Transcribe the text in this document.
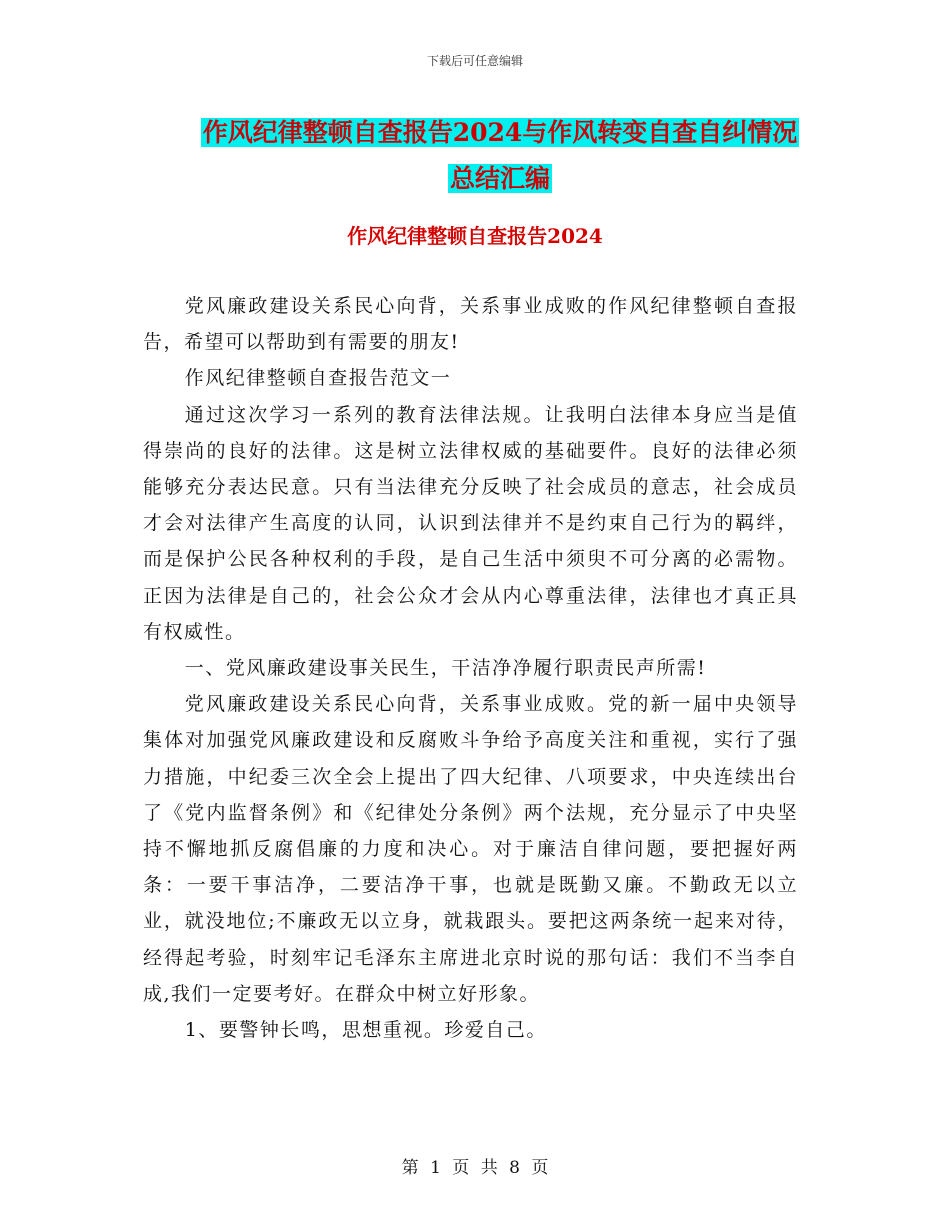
下载后可任意编辑
作风纪律整顿自查报告2024与作风转变自查自纠情况
总结汇编
作风纪律整顿自查报告2024

党风廉政建设关系民心向背，关系事业成败的作风纪律整顿自查报告，希望可以帮助到有需要的朋友!

作风纪律整顿自查报告范文一

通过这次学习一系列的教育法律法规。让我明白法律本身应当是值得崇尚的良好的法律。这是树立法律权威的基础要件。良好的法律必须能够充分表达民意。只有当法律充分反映了社会成员的意志，社会成员才会对法律产生高度的认同，认识到法律并不是约束自己行为的羁绊，而是保护公民各种权利的手段，是自己生活中须臾不可分离的必需物。正因为法律是自己的，社会公众才会从内心尊重法律，法律也才真正具有权威性。

一、党风廉政建设事关民生，干洁净净履行职责民声所需!

党风廉政建设关系民心向背，关系事业成败。党的新一届中央领导集体对加强党风廉政建设和反腐败斗争给予高度关注和重视，实行了强力措施，中纪委三次全会上提出了四大纪律、八项要求，中央连续出台了《党内监督条例》和《纪律处分条例》两个法规，充分显示了中央坚持不懈地抓反腐倡廉的力度和决心。对于廉洁自律问题，要把握好两条：一要干事洁净，二要洁净干事，也就是既勤又廉。不勤政无以立业，就没地位;不廉政无以立身，就栽跟头。要把这两条统一起来对待，经得起考验，时刻牢记毛泽东主席进北京时说的那句话：我们不当李自成,我们一定要考好。在群众中树立好形象。

1、要警钟长鸣，思想重视。珍爱自己。

第 1 页 共 8 页
